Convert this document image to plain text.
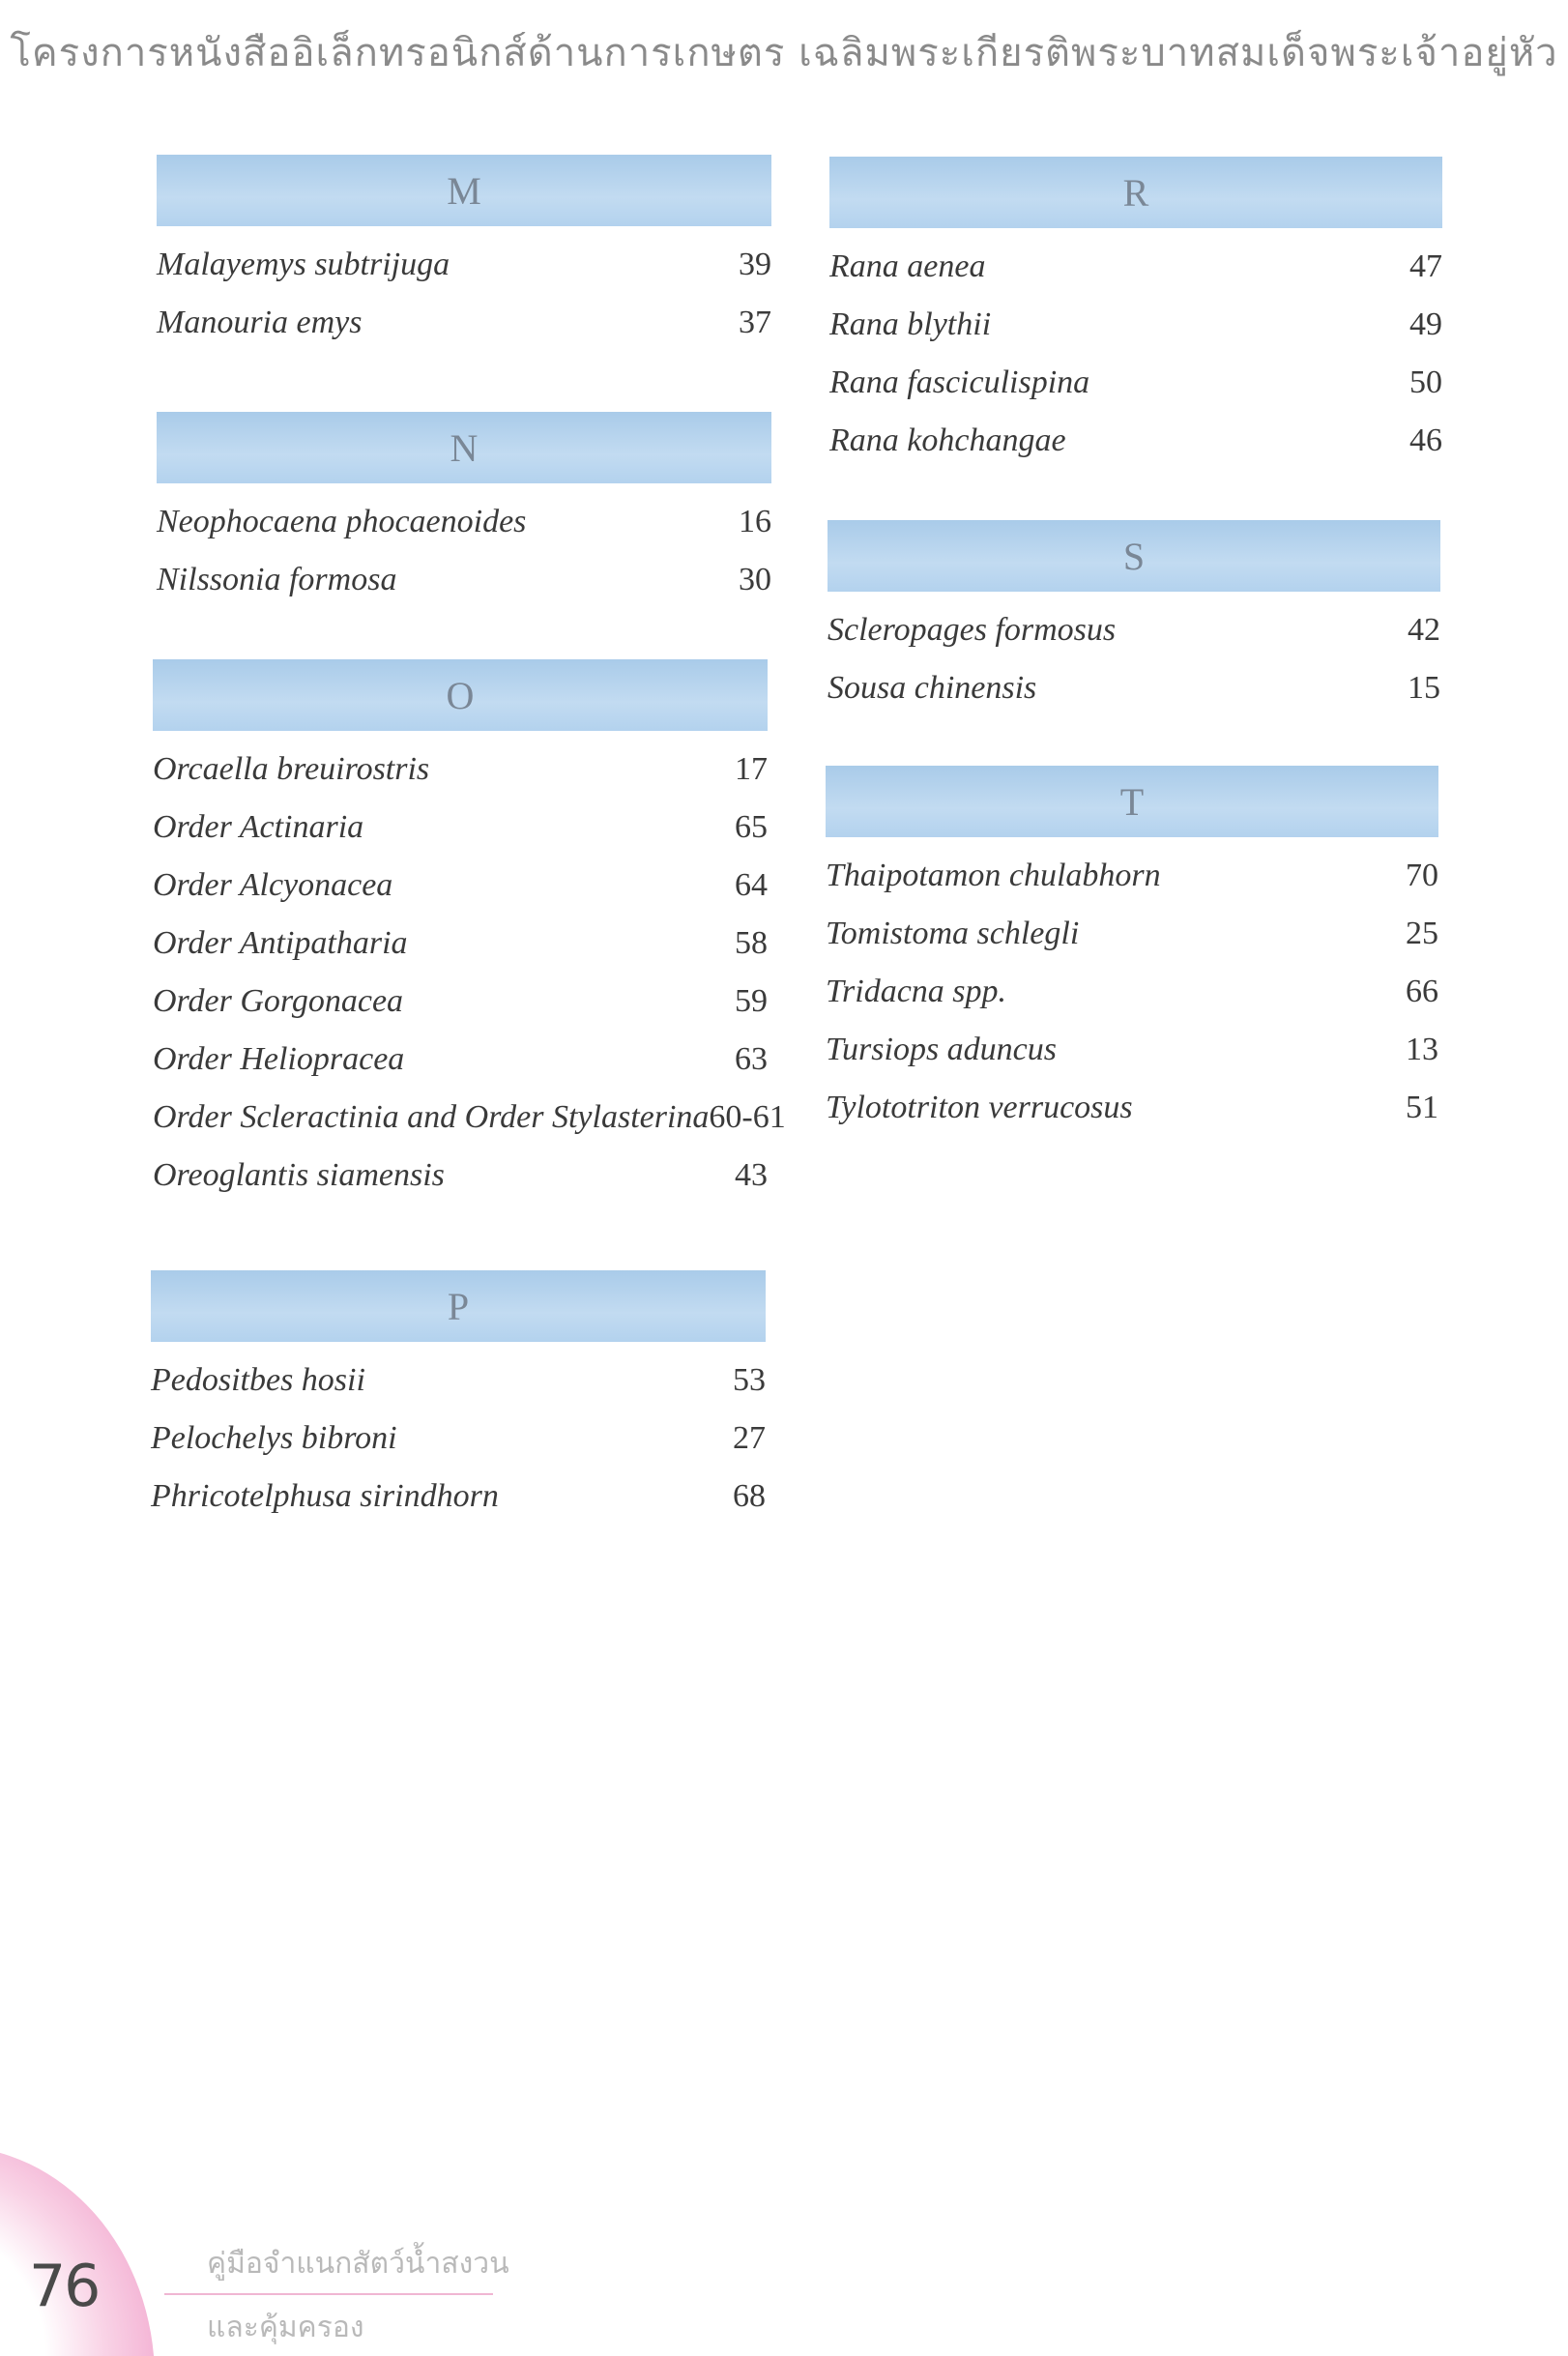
โครงการหนังสืออิเล็กทรอนิกส์ด้านการเกษตร เฉลิมพระเกียรติพระบาทสมเด็จพระเจ้าอยู่หัว
M
Malayemys subtrijuga	39
Manouria emys	37
N
Neophocaena phocaenoides	16
Nilssonia formosa	30
O
Orcaella breuirostris	17
Order Actinaria	65
Order Alcyonacea	64
Order Antipatharia	58
Order Gorgonacea	59
Order Heliopracea	63
Order Scleractinia and Order Stylasterina 60-61
Oreoglantis siamensis	43
P
Pedositbes hosii	53
Pelochelys bibroni	27
Phricotelphusa sirindhorn	68
R
Rana aenea	47
Rana blythii	49
Rana fasciculispina	50
Rana kohchangae	46
S
Scleropages formosus	42
Sousa chinensis	15
T
Thaipotamon chulabhorn	70
Tomistoma schlegli	25
Tridacna spp.	66
Tursiops aduncus	13
Tylototriton verrucosus	51
76	คู่มือจำแนกสัตว์น้ำสงวน
และคุ้มครอง
